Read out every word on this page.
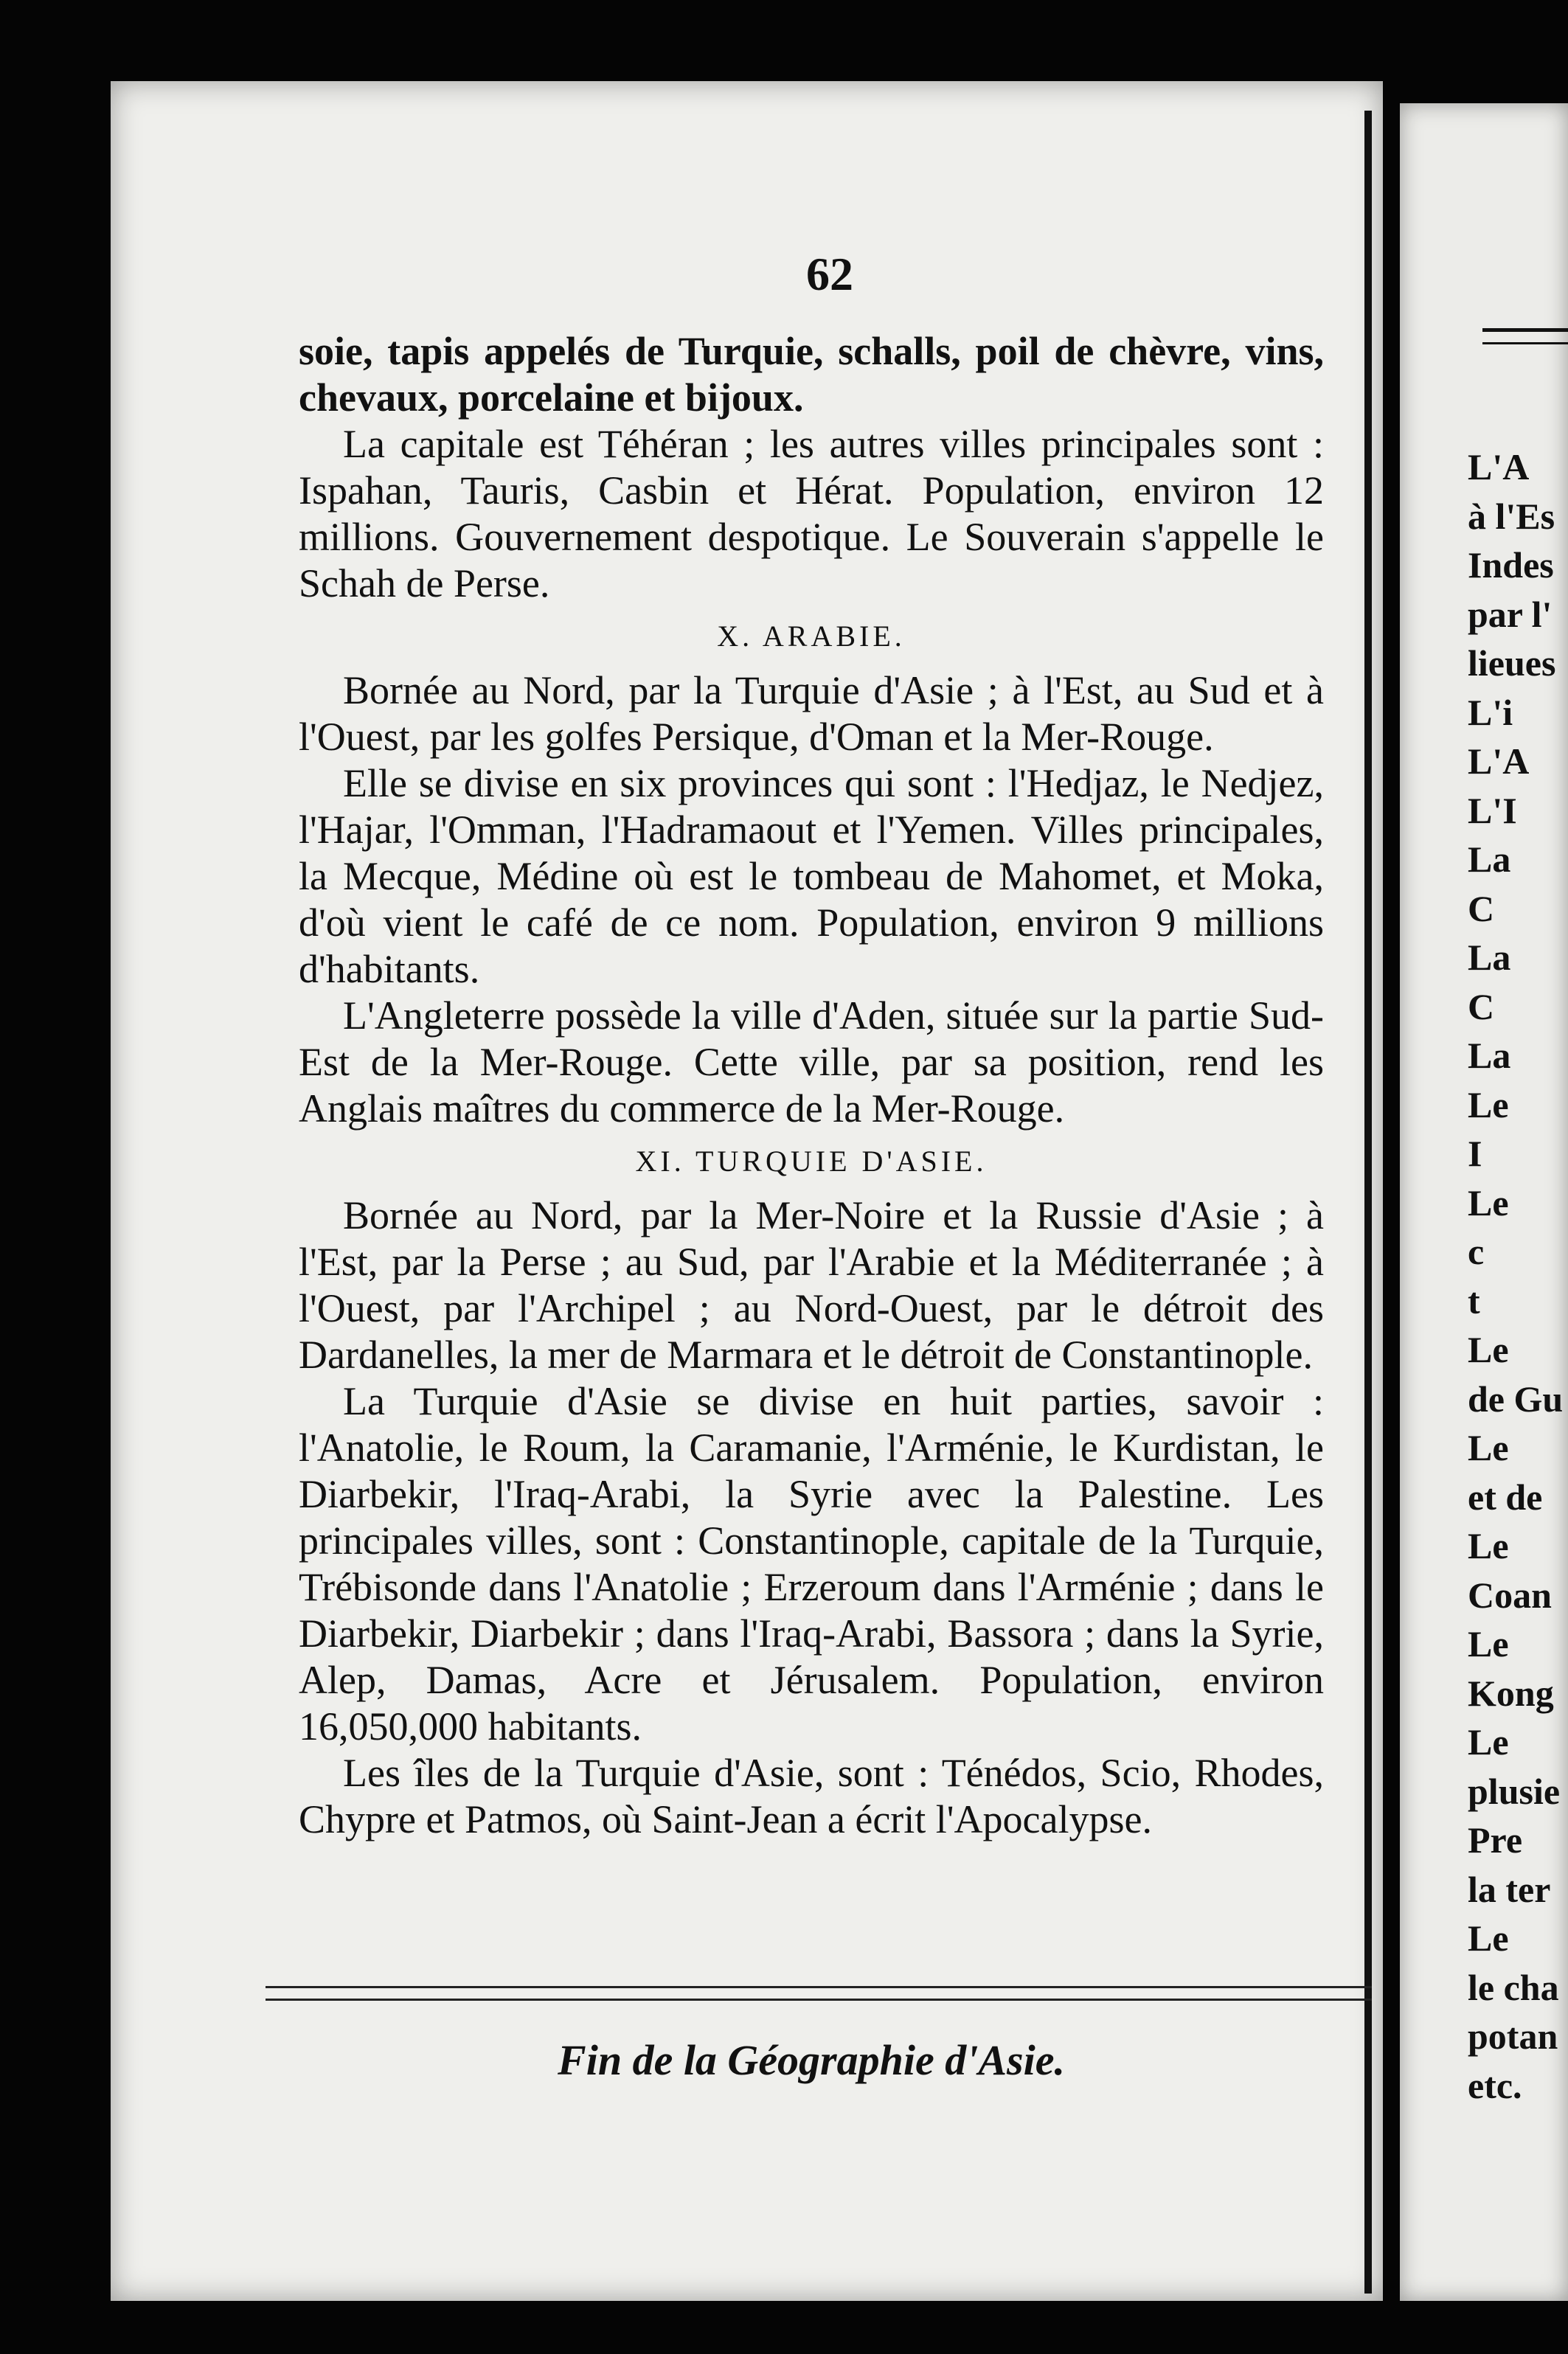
62

soie, tapis appelés de Turquie, schalls, poil de chèvre, vins, chevaux, porcelaine et bijoux.

La capitale est Téhéran ; les autres villes principales sont : Ispahan, Tauris, Casbin et Hérat. Population, environ 12 millions. Gouvernement despotique. Le Souverain s'appelle le Schah de Perse.

X. ARABIE.

Bornée au Nord, par la Turquie d'Asie ; à l'Est, au Sud et à l'Ouest, par les golfes Persique, d'Oman et la Mer-Rouge.

Elle se divise en six provinces qui sont : l'Hedjaz, le Nedjez, l'Hajar, l'Omman, l'Hadramaout et l'Yemen. Villes principales, la Mecque, Médine où est le tombeau de Mahomet, et Moka, d'où vient le café de ce nom. Population, environ 9 millions d'habitants.

L'Angleterre possède la ville d'Aden, située sur la partie Sud-Est de la Mer-Rouge. Cette ville, par sa position, rend les Anglais maîtres du commerce de la Mer-Rouge.

XI. TURQUIE D'ASIE.

Bornée au Nord, par la Mer-Noire et la Russie d'Asie ; à l'Est, par la Perse ; au Sud, par l'Arabie et la Méditerranée ; à l'Ouest, par l'Archipel ; au Nord-Ouest, par le détroit des Dardanelles, la mer de Marmara et le détroit de Constantinople.

La Turquie d'Asie se divise en huit parties, savoir : l'Anatolie, le Roum, la Caramanie, l'Arménie, le Kurdistan, le Diarbekir, l'Iraq-Arabi, la Syrie avec la Palestine. Les principales villes, sont : Constantinople, capitale de la Turquie, Trébisonde dans l'Anatolie ; Erzeroum dans l'Arménie ; dans le Diarbekir, Diarbekir ; dans l'Iraq-Arabi, Bassora ; dans la Syrie, Alep, Damas, Acre et Jérusalem. Population, environ 16,050,000 habitants.

Les îles de la Turquie d'Asie, sont : Ténédos, Scio, Rhodes, Chypre et Patmos, où Saint-Jean a écrit l'Apocalypse.

Fin de la Géographie d'Asie.
L'A
à l'Es
Indes
par l'
lieues
L'i
L'A
L'I
La
C
La
C
La
Le
I
Le
c
t
Le
de Gu
Le
et de
Le
Coan
Le
Kong
Le
plusie
Pre
la ter
Le
le cha
potan
etc.
